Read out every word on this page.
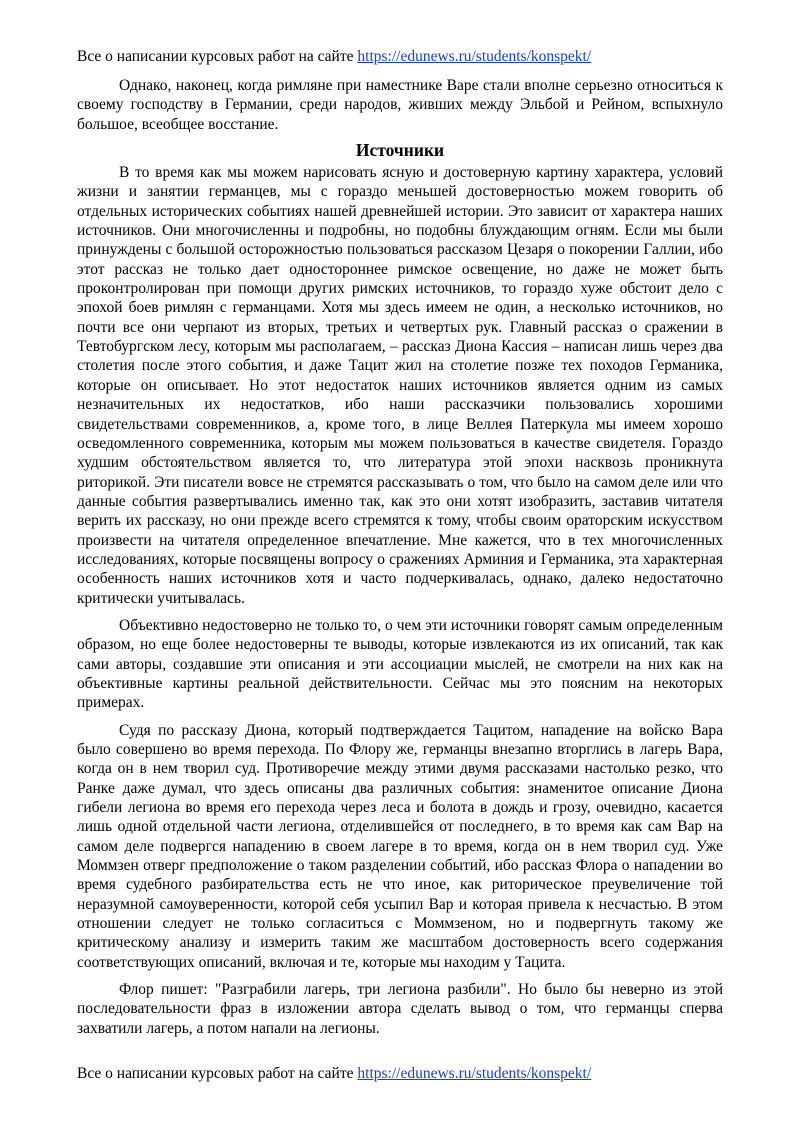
Все о написании курсовых работ на сайте https://edunews.ru/students/konspekt/

Однако, наконец, когда римляне при наместнике Варе стали вполне серьезно относиться к своему господству в Германии, среди народов, живших между Эльбой и Рейном, вспыхнуло большое, всеобщее восстание.

Источники

В то время как мы можем нарисовать ясную и достоверную картину характера, условий жизни и занятии германцев, мы с гораздо меньшей достоверностью можем говорить об отдельных исторических событиях нашей древнейшей истории. Это зависит от характера наших источников. Они многочисленны и подробны, но подобны блуждающим огням. Если мы были принуждены с большой осторожностью пользоваться рассказом Цезаря о покорении Галлии, ибо этот рассказ не только дает одностороннее римское освещение, но даже не может быть проконтролирован при помощи других римских источников, то гораздо хуже обстоит дело с эпохой боев римлян с германцами. Хотя мы здесь имеем не один, а несколько источников, но почти все они черпают из вторых, третьих и четвертых рук. Главный рассказ о сражении в Тевтобургском лесу, которым мы располагаем, – рассказ Диона Кассия – написан лишь через два столетия после этого события, и даже Тацит жил на столетие позже тех походов Германика, которые он описывает. Но этот недостаток наших источников является одним из самых незначительных их недостатков, ибо наши рассказчики пользовались хорошими свидетельствами современников, а, кроме того, в лице Веллея Патеркула мы имеем хорошо осведомленного современника, которым мы можем пользоваться в качестве свидетеля. Гораздо худшим обстоятельством является то, что литература этой эпохи насквозь проникнута риторикой. Эти писатели вовсе не стремятся рассказывать о том, что было на самом деле или что данные события развертывались именно так, как это они хотят изобразить, заставив читателя верить их рассказу, но они прежде всего стремятся к тому, чтобы своим ораторским искусством произвести на читателя определенное впечатление. Мне кажется, что в тех многочисленных исследованиях, которые посвящены вопросу о сражениях Арминия и Германика, эта характерная особенность наших источников хотя и часто подчеркивалась, однако, далеко недостаточно критически учитывалась.

Объективно недостоверно не только то, о чем эти источники говорят самым определенным образом, но еще более недостоверны те выводы, которые извлекаются из их описаний, так как сами авторы, создавшие эти описания и эти ассоциации мыслей, не смотрели на них как на объективные картины реальной действительности. Сейчас мы это поясним на некоторых примерах.

Судя по рассказу Диона, который подтверждается Тацитом, нападение на войско Вара было совершено во время перехода. По Флору же, германцы внезапно вторглись в лагерь Вара, когда он в нем творил суд. Противоречие между этими двумя рассказами настолько резко, что Ранке даже думал, что здесь описаны два различных события: знаменитое описание Диона гибели легиона во время его перехода через леса и болота в дождь и грозу, очевидно, касается лишь одной отдельной части легиона, отделившейся от последнего, в то время как сам Вар на самом деле подвергся нападению в своем лагере в то время, когда он в нем творил суд. Уже Моммзен отверг предположение о таком разделении событий, ибо рассказ Флора о нападении во время судебного разбирательства есть не что иное, как риторическое преувеличение той неразумной самоуверенности, которой себя усыпил Вар и которая привела к несчастью. В этом отношении следует не только согласиться с Моммзеном, но и подвергнуть такому же критическому анализу и измерить таким же масштабом достоверность всего содержания соответствующих описаний, включая и те, которые мы находим у Тацита.

Флор пишет: "Разграбили лагерь, три легиона разбили". Но было бы неверно из этой последовательности фраз в изложении автора сделать вывод о том, что германцы сперва захватили лагерь, а потом напали на легионы.

Все о написании курсовых работ на сайте https://edunews.ru/students/konspekt/
